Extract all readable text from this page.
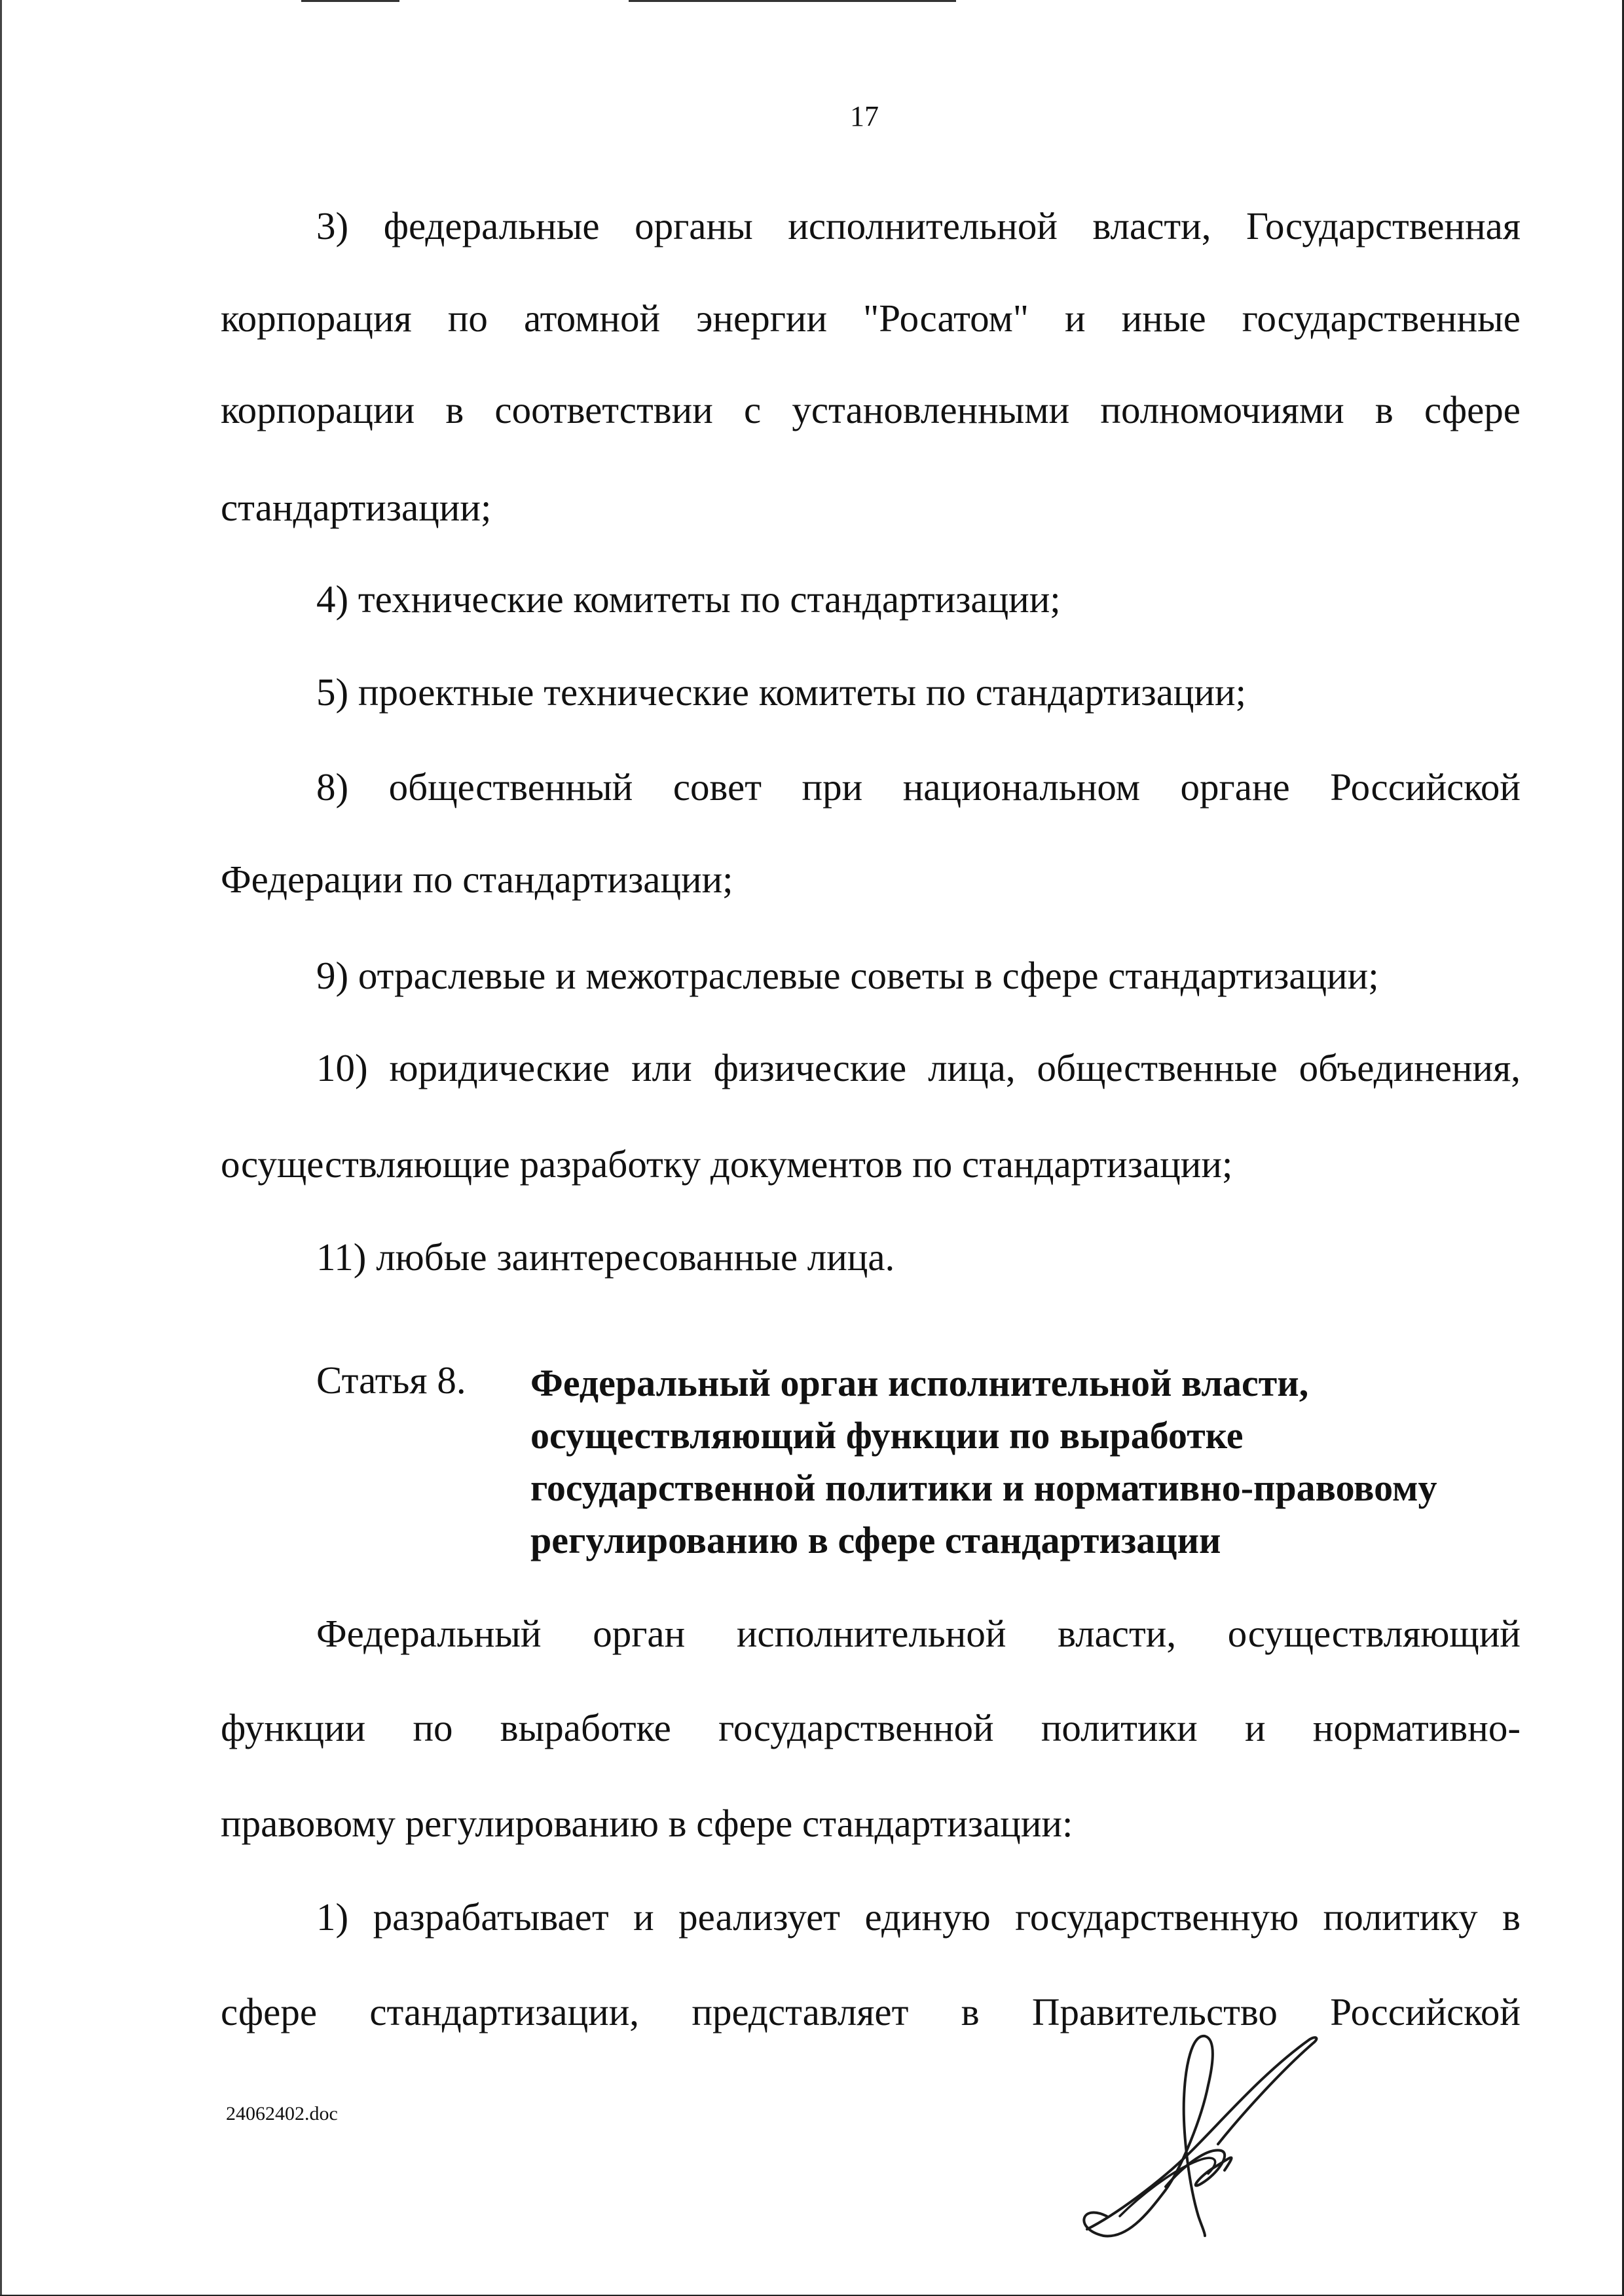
17
3) федеральные органы исполнительной власти, Государственная
корпорация по атомной энергии "Росатом" и иные государственные
корпорации в соответствии с установленными полномочиями в сфере
стандартизации;
4) технические комитеты по стандартизации;
5) проектные технические комитеты по стандартизации;
8) общественный совет при национальном органе Российской
Федерации по стандартизации;
9) отраслевые и межотраслевые советы в сфере стандартизации;
10) юридические или физические лица, общественные объединения,
осуществляющие разработку документов по стандартизации;
11) любые заинтересованные лица.
Статья 8. Федеральный орган исполнительной власти,
осуществляющий функции по выработке
государственной политики и нормативно-правовому
регулированию в сфере стандартизации
Федеральный орган исполнительной власти, осуществляющий
функции по выработке государственной политики и нормативно-
правовому регулированию в сфере стандартизации:
1) разрабатывает и реализует единую государственную политику в
сфере стандартизации, представляет в Правительство Российской
24062402.doc
